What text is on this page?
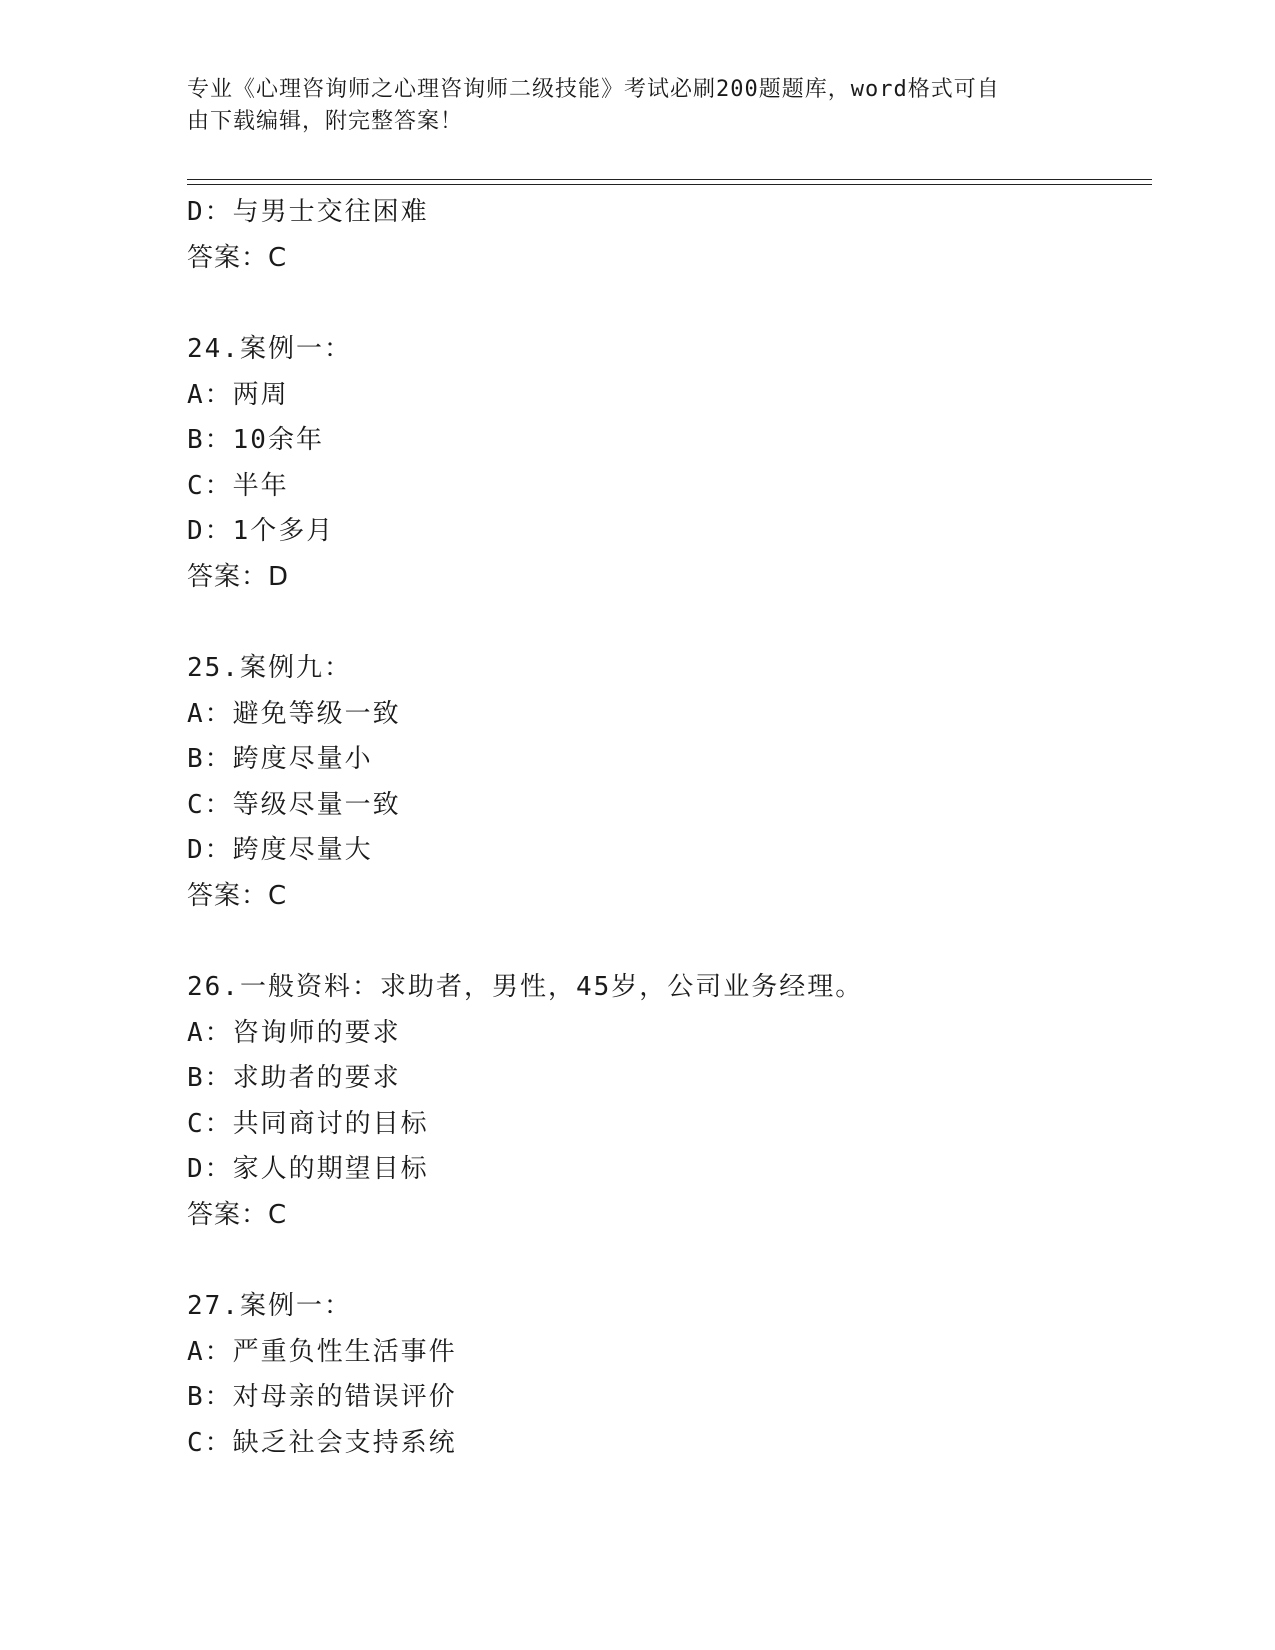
专业《心理咨询师之心理咨询师二级技能》考试必刷200题题库，word格式可自
由下载编辑，附完整答案！
D：与男士交往困难
答案：C
24.案例一：
A：两周
B：10余年
C：半年
D：1个多月
答案：D
25.案例九：
A：避免等级一致
B：跨度尽量小
C：等级尽量一致
D：跨度尽量大
答案：C
26.一般资料：求助者，男性，45岁，公司业务经理。
A：咨询师的要求
B：求助者的要求
C：共同商讨的目标
D：家人的期望目标
答案：C
27.案例一：
A：严重负性生活事件
B：对母亲的错误评价
C：缺乏社会支持系统
